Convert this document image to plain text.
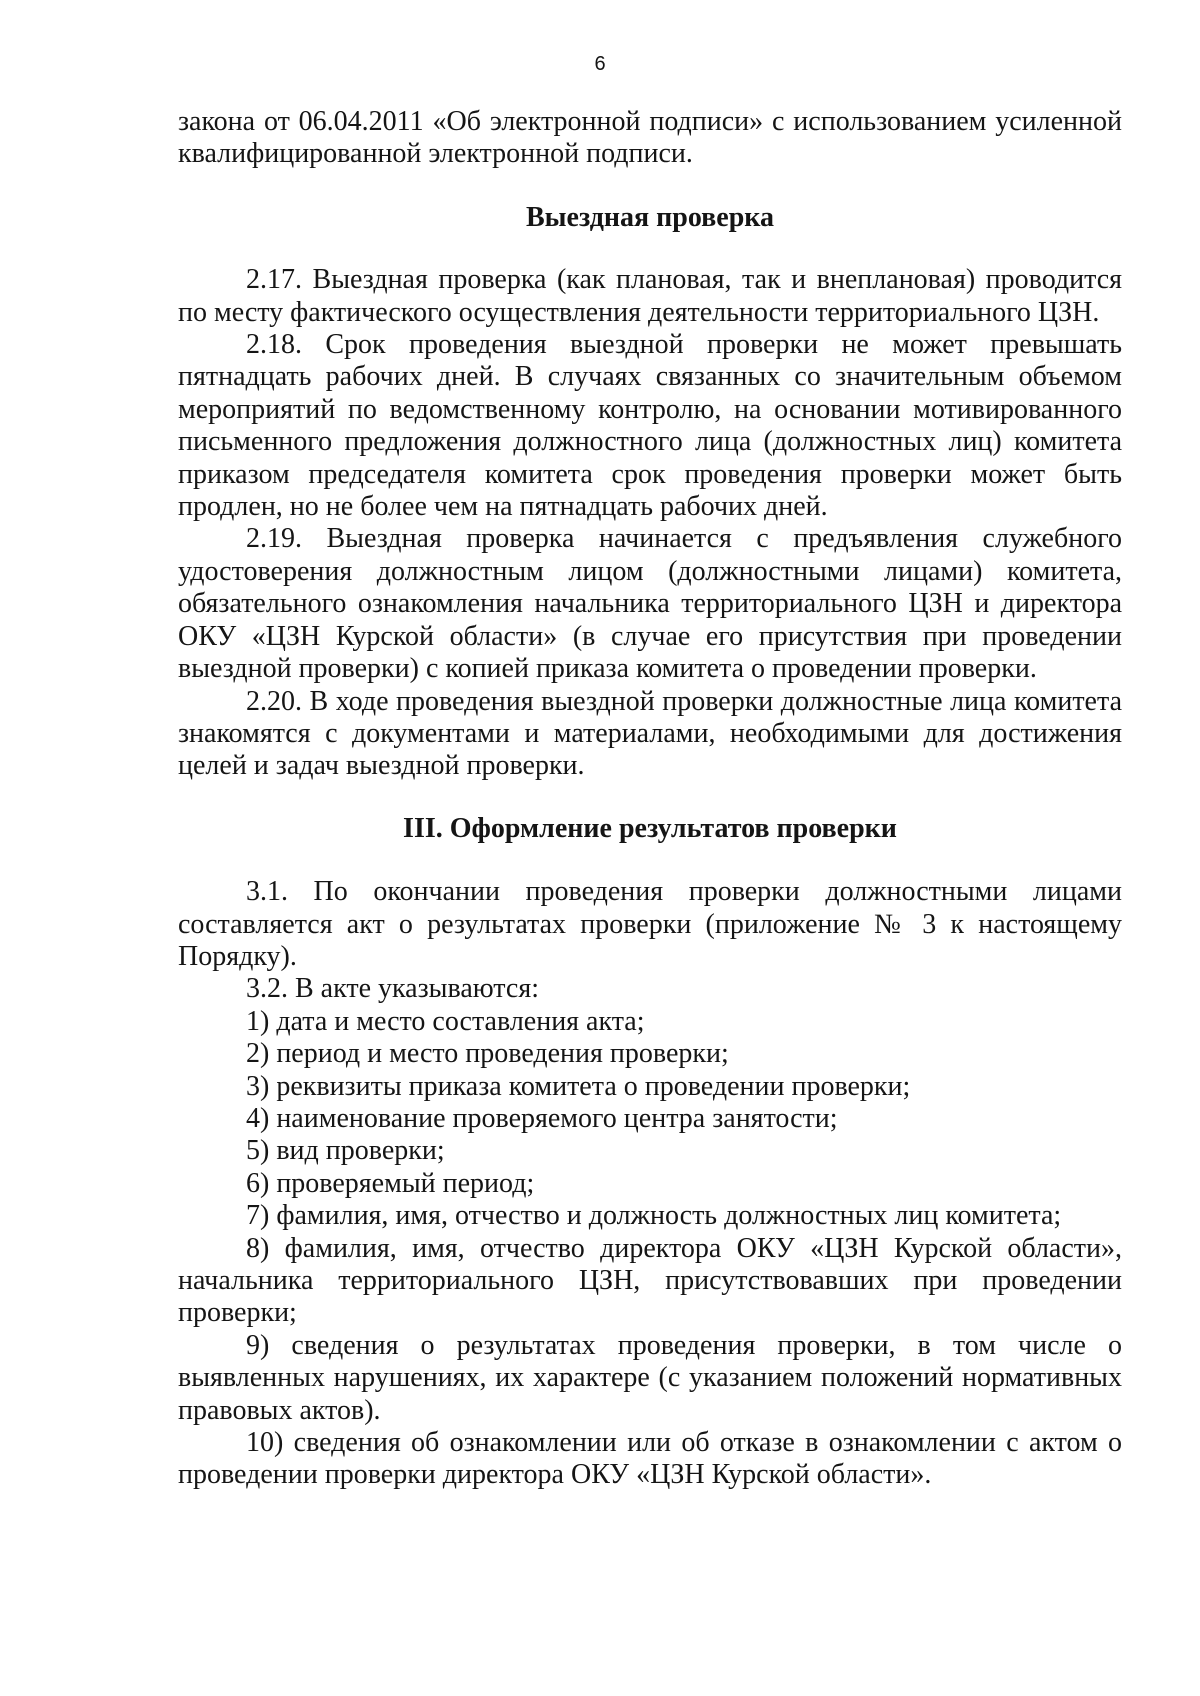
6

закона от 06.04.2011 «Об электронной подписи» с использованием усиленной квалифицированной электронной подписи.

Выездная проверка

2.17. Выездная проверка (как плановая, так и внеплановая) проводится по месту фактического осуществления деятельности территориального ЦЗН.

2.18. Срок проведения выездной проверки не может превышать пятнадцать рабочих дней. В случаях связанных со значительным объемом мероприятий по ведомственному контролю, на основании мотивированного письменного предложения должностного лица (должностных лиц) комитета приказом председателя комитета срок проведения проверки может быть продлен, но не более чем на пятнадцать рабочих дней.

2.19. Выездная проверка начинается с предъявления служебного удостоверения должностным лицом (должностными лицами) комитета, обязательного ознакомления начальника территориального ЦЗН и директора ОКУ «ЦЗН Курской области» (в случае его присутствия при проведении выездной проверки) с копией приказа комитета о проведении проверки.

2.20. В ходе проведения выездной проверки должностные лица комитета знакомятся с документами и материалами, необходимыми для достижения целей и задач выездной проверки.

III. Оформление результатов проверки

3.1. По окончании проведения проверки должностными лицами составляется акт о результатах проверки (приложение № 3 к настоящему Порядку).

3.2. В акте указываются:

1) дата и место составления акта;

2) период и место проведения проверки;

3) реквизиты приказа комитета о проведении проверки;

4) наименование проверяемого центра занятости;

5) вид проверки;

6) проверяемый период;

7) фамилия, имя, отчество и должность должностных лиц комитета;

8) фамилия, имя, отчество директора ОКУ «ЦЗН Курской области», начальника территориального ЦЗН, присутствовавших при проведении проверки;

9) сведения о результатах проведения проверки, в том числе о выявленных нарушениях, их характере (с указанием положений нормативных правовых актов).

10) сведения об ознакомлении или об отказе в ознакомлении с актом о проведении проверки директора ОКУ «ЦЗН Курской области».
